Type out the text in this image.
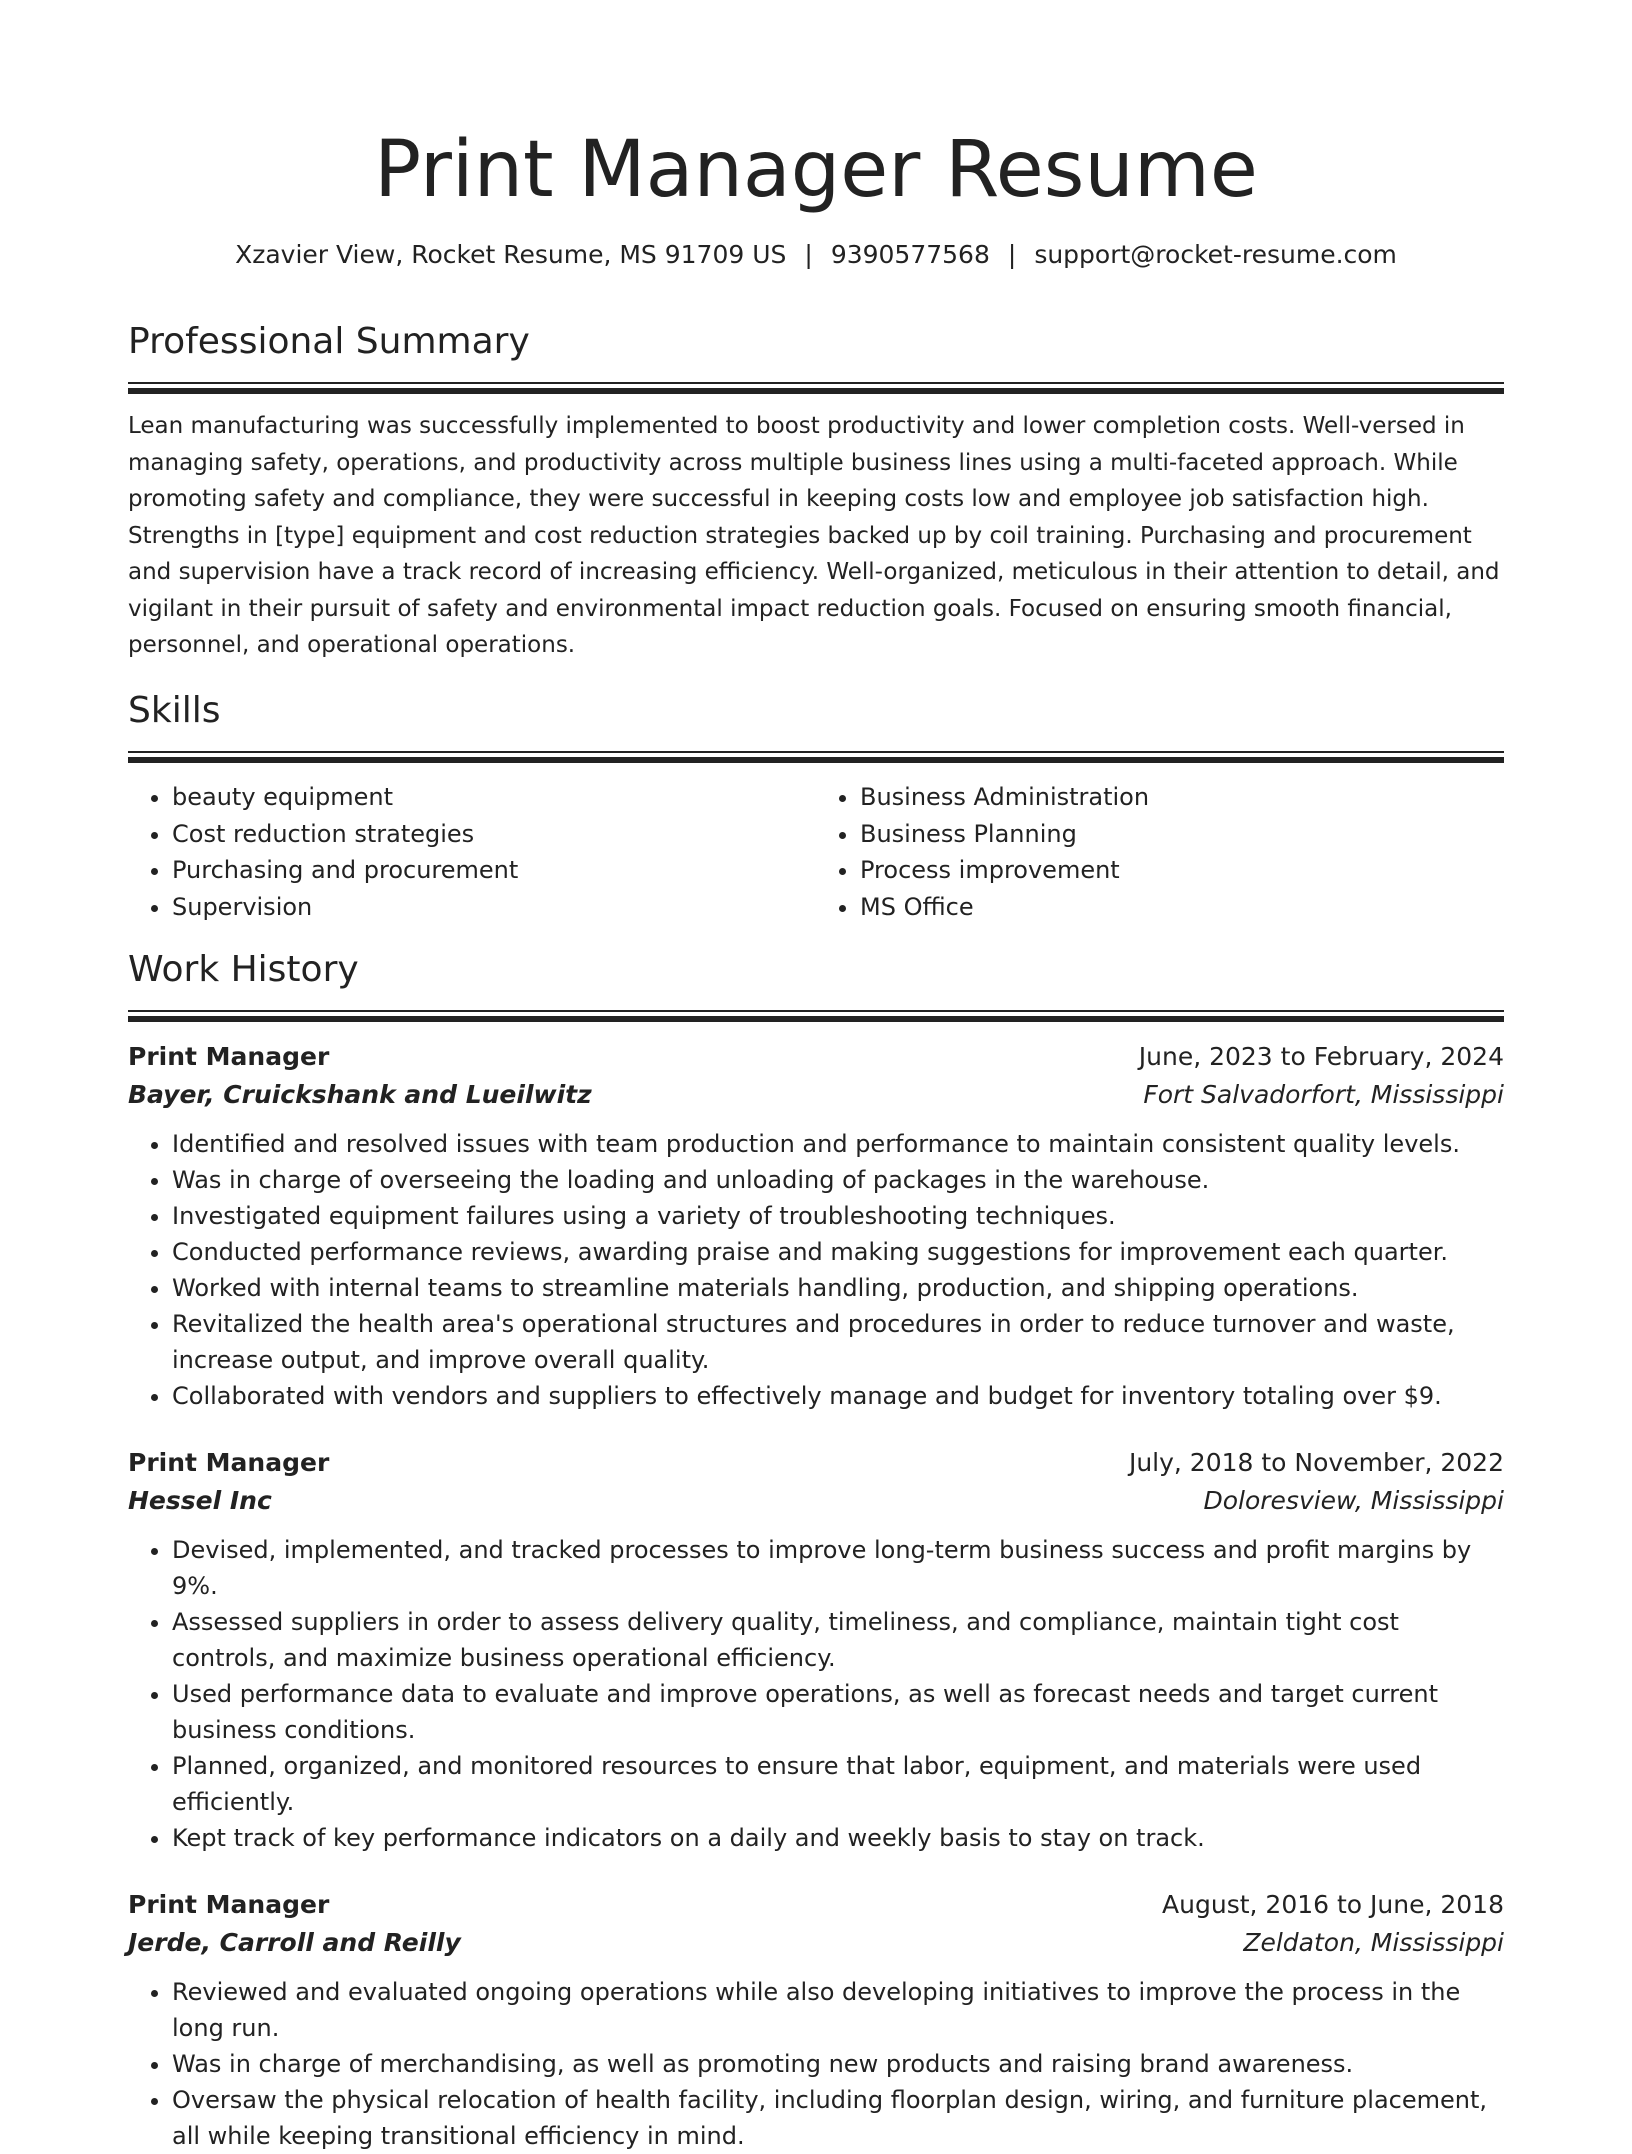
Print Manager Resume
Xzavier View, Rocket Resume, MS 91709 US | 9390577568 | support@rocket-resume.com
Professional Summary
Lean manufacturing was successfully implemented to boost productivity and lower completion costs. Well-versed in managing safety, operations, and productivity across multiple business lines using a multi-faceted approach. While promoting safety and compliance, they were successful in keeping costs low and employee job satisfaction high. Strengths in [type] equipment and cost reduction strategies backed up by coil training. Purchasing and procurement and supervision have a track record of increasing efficiency. Well-organized, meticulous in their attention to detail, and vigilant in their pursuit of safety and environmental impact reduction goals. Focused on ensuring smooth financial, personnel, and operational operations.
Skills
• beauty equipment
• Cost reduction strategies
• Purchasing and procurement
• Supervision
• Business Administration
• Business Planning
• Process improvement
• MS Office
Work History
Print Manager	June, 2023 to February, 2024
Bayer, Cruickshank and Lueilwitz	Fort Salvadorfort, Mississippi
• Identified and resolved issues with team production and performance to maintain consistent quality levels.
• Was in charge of overseeing the loading and unloading of packages in the warehouse.
• Investigated equipment failures using a variety of troubleshooting techniques.
• Conducted performance reviews, awarding praise and making suggestions for improvement each quarter.
• Worked with internal teams to streamline materials handling, production, and shipping operations.
• Revitalized the health area's operational structures and procedures in order to reduce turnover and waste, increase output, and improve overall quality.
• Collaborated with vendors and suppliers to effectively manage and budget for inventory totaling over $9.
Print Manager	July, 2018 to November, 2022
Hessel Inc	Doloresview, Mississippi
• Devised, implemented, and tracked processes to improve long-term business success and profit margins by 9%.
• Assessed suppliers in order to assess delivery quality, timeliness, and compliance, maintain tight cost controls, and maximize business operational efficiency.
• Used performance data to evaluate and improve operations, as well as forecast needs and target current business conditions.
• Planned, organized, and monitored resources to ensure that labor, equipment, and materials were used efficiently.
• Kept track of key performance indicators on a daily and weekly basis to stay on track.
Print Manager	August, 2016 to June, 2018
Jerde, Carroll and Reilly	Zeldaton, Mississippi
• Reviewed and evaluated ongoing operations while also developing initiatives to improve the process in the long run.
• Was in charge of merchandising, as well as promoting new products and raising brand awareness.
• Oversaw the physical relocation of health facility, including floorplan design, wiring, and furniture placement, all while keeping transitional efficiency in mind.
